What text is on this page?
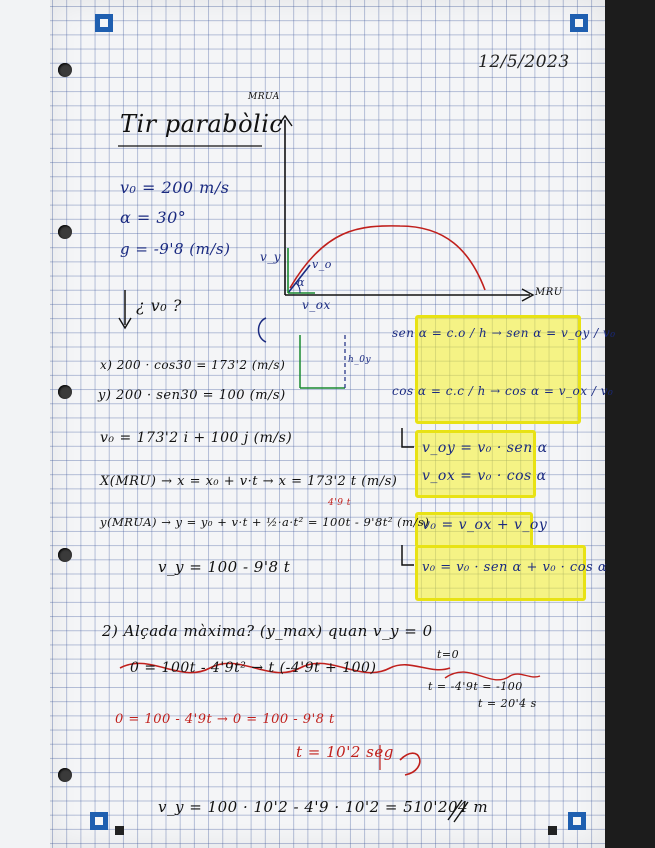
12/5/2023
Tir parabòlic
MRUA
MRU
v_y
v_ox
α
v_o
h_0y
v₀ = 200 m/s
α = 30°
g = -9'8 (m/s)
¿ v₀ ?
x) 200 · cos30 = 173'2 (m/s)
y) 200 · sen30 = 100 (m/s)
v₀ = 173'2 i + 100 j (m/s)
X(MRU) → x = x₀ + v·t → x = 173'2 t (m/s)
y(MRUA) → y = y₀ + v·t + ½·a·t² = 100t - 9'8t² (m/s)
4'9 t
v_y = 100 - 9'8 t
sen α = c.o / h → sen α = v_oy / v₀
cos α = c.c / h → cos α = v_ox / v₀
v_oy = v₀ · sen α
v_ox = v₀ · cos α
v₀ = v_ox + v_oy
v₀ = v₀ · sen α + v₀ · cos α
2) Alçada màxima? (y_max) quan v_y = 0
0 = 100t - 4'9t² → t (-4'9t + 100)
t=0
t = -4'9t = -100
t = 20'4 s
0 = 100 - 4'9t → 0 = 100 - 9'8 t
t = 10'2 seg
v_y = 100 · 10'2 - 4'9 · 10'2 = 510'204 m
